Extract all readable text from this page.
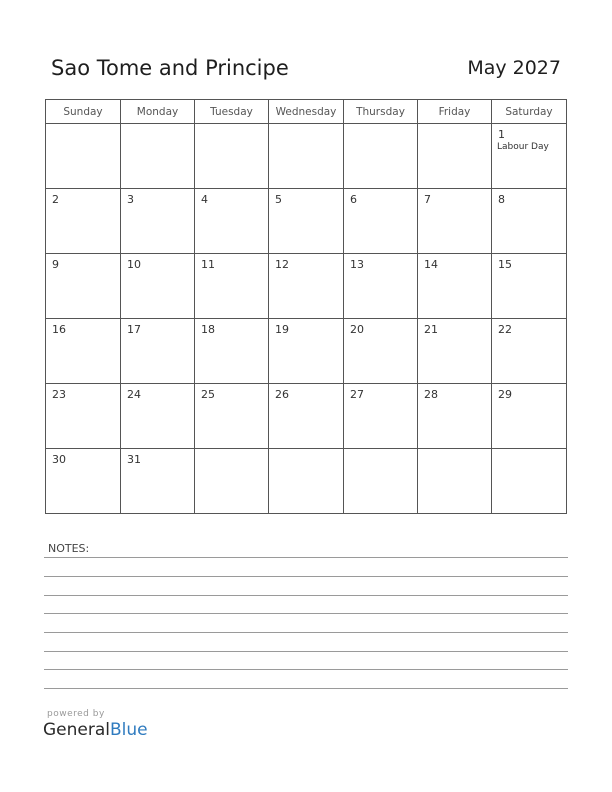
Sao Tome and Principe	May 2027
Sunday	Monday	Tuesday	Wednesday	Thursday	Friday	Saturday

						1
Labour Day

2	3	4	5	6	7	8

9	10	11	12	13	14	15

16	17	18	19	20	21	22

23	24	25	26	27	28	29

30	31					

NOTES:
powered by
GeneralBlue
